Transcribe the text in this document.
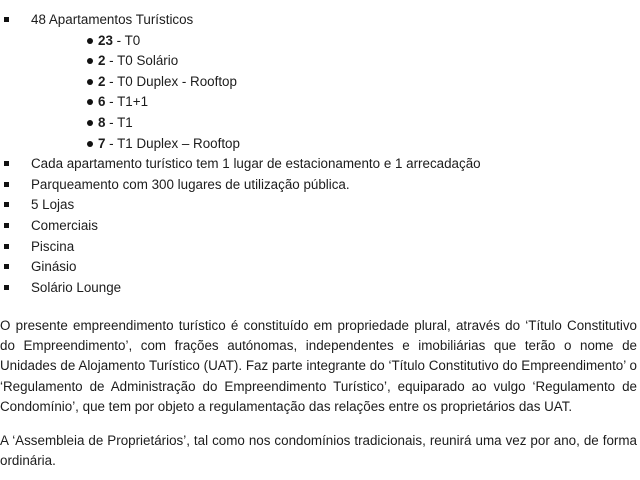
48 Apartamentos Turísticos
23 - T0
2 - T0 Solário
2 - T0 Duplex - Rooftop
6 - T1+1
8 - T1
7 - T1 Duplex – Rooftop
Cada apartamento turístico tem 1 lugar de estacionamento e 1 arrecadação
Parqueamento com 300 lugares de utilização pública.
5 Lojas
Comerciais
Piscina
Ginásio
Solário Lounge

O presente empreendimento turístico é constituído em propriedade plural, através do ‘Título Constitutivo do Empreendimento’, com frações autónomas, independentes e imobiliárias que terão o nome de Unidades de Alojamento Turístico (UAT). Faz parte integrante do ‘Título Constitutivo do Empreendimento’ o ‘Regulamento de Administração do Empreendimento Turístico’, equiparado ao vulgo ‘Regulamento de Condomínio’, que tem por objeto a regulamentação das relações entre os proprietários das UAT.

A ‘Assembleia de Proprietários’, tal como nos condomínios tradicionais, reunirá uma vez por ano, de forma ordinária.
